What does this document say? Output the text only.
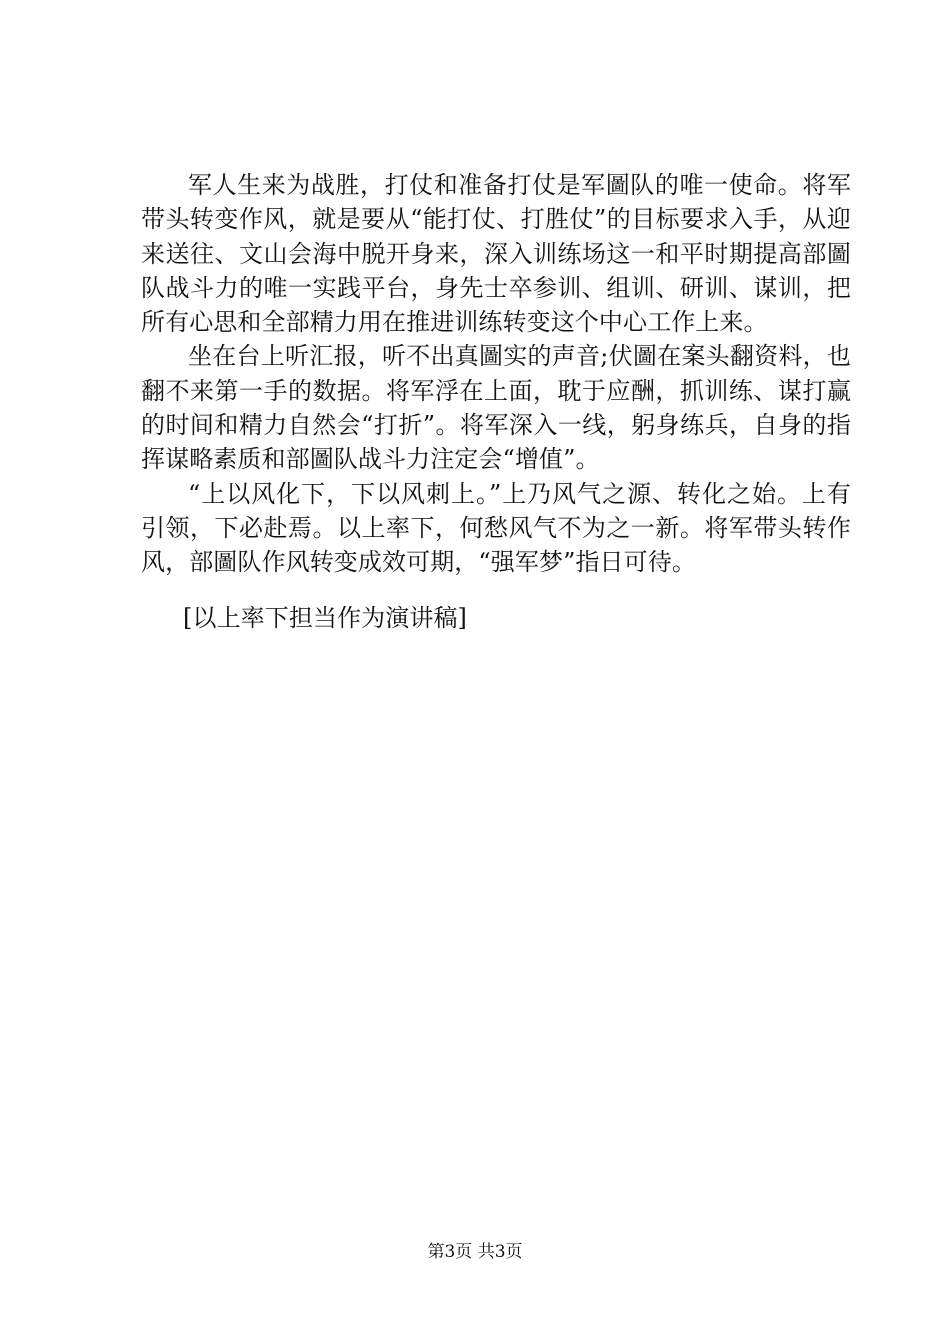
军人生来为战胜，打仗和准备打仗是军圖队的唯一使命。将军带头转变作风，就是要从“能打仗、打胜仗”的目标要求入手，从迎来送往、文山会海中脱开身来，深入训练场这一和平时期提高部圖队战斗力的唯一实践平台，身先士卒参训、组训、研训、谋训，把所有心思和全部精力用在推进训练转变这个中心工作上来。

坐在台上听汇报，听不出真圖实的声音;伏圖在案头翻资料，也翻不来第一手的数据。将军浮在上面，耽于应酬，抓训练、谋打赢的时间和精力自然会“打折”。将军深入一线，躬身练兵，自身的指挥谋略素质和部圖队战斗力注定会“增值”。

“上以风化下，下以风刺上。”上乃风气之源、转化之始。上有引领，下必赴焉。以上率下，何愁风气不为之一新。将军带头转作风，部圖队作风转变成效可期，“强军梦”指日可待。

[以上率下担当作为演讲稿]

第3页 共3页
